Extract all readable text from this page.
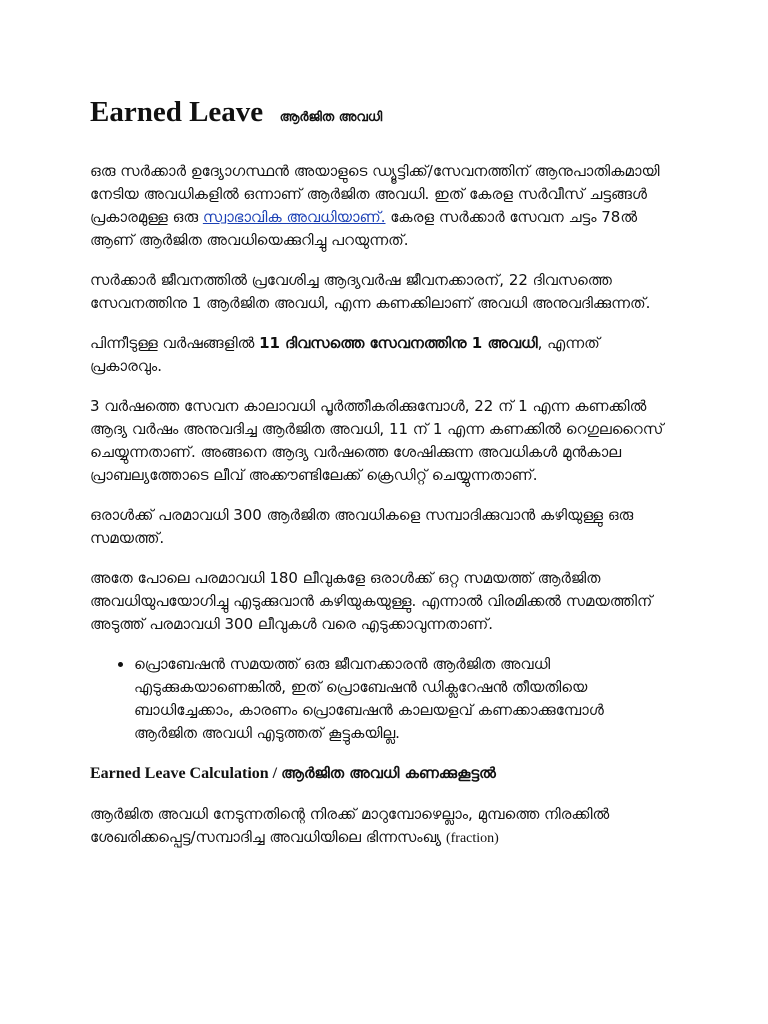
Earned Leave ആർജിത അവധി

ഒരു സർക്കാർ ഉദ്യോഗസ്ഥൻ അയാളുടെ ഡ്യൂട്ടിക്ക്/സേവനത്തിന് ആനുപാതികമായി നേടിയ അവധികളിൽ ഒന്നാണ് ആർജിത അവധി. ഇത് കേരള സർവീസ് ചട്ടങ്ങൾ പ്രകാരമുള്ള ഒരു സ്വാഭാവിക അവധിയാണ്. കേരള സർക്കാർ സേവന ചട്ടം 78ൽ ആണ് ആർജിത അവധിയെക്കുറിച്ചു പറയുന്നത്.

സർക്കാർ ജീവനത്തിൽ പ്രവേശിച്ച ആദ്യവർഷ ജീവനക്കാരന്, 22 ദിവസത്തെ സേവനത്തിനു 1 ആർജിത അവധി, എന്ന കണക്കിലാണ് അവധി അനുവദിക്കുന്നത്.

പിന്നീടുള്ള വർഷങ്ങളിൽ 11 ദിവസത്തെ സേവനത്തിനു 1 അവധി, എന്നത് പ്രകാരവും.

3 വർഷത്തെ സേവന കാലാവധി പൂർത്തീകരിക്കുമ്പോൾ, 22 ന് 1 എന്ന കണക്കിൽ ആദ്യ വർഷം അനുവദിച്ച ആർജിത അവധി, 11 ന് 1 എന്ന കണക്കിൽ റെഗുലറൈസ് ചെയ്യുന്നതാണ്. അങ്ങനെ ആദ്യ വർഷത്തെ ശേഷിക്കുന്ന അവധികൾ മുൻകാല പ്രാബല്യത്തോടെ ലീവ് അക്കൗണ്ടിലേക്ക് ക്രെഡിറ്റ് ചെയ്യുന്നതാണ്.

ഒരാൾക്ക് പരമാവധി 300 ആർജിത അവധികളെ സമ്പാദിക്കുവാൻ കഴിയുള്ളു ഒരു സമയത്ത്.

അതേ പോലെ പരമാവധി 180 ലീവുകളേ ഒരാൾക്ക് ഒറ്റ സമയത്ത് ആർജിത അവധിയുപയോഗിച്ചു എടുക്കുവാൻ കഴിയുകയുള്ളു. എന്നാൽ വിരമിക്കൽ സമയത്തിന് അടുത്ത് പരമാവധി 300 ലീവുകൾ വരെ എടുക്കാവുന്നതാണ്.

• പ്രൊബേഷൻ സമയത്ത് ഒരു ജീവനക്കാരൻ ആർജിത അവധി എടുക്കുകയാണെങ്കിൽ, ഇത് പ്രൊബേഷൻ ഡിക്ലറേഷൻ തീയതിയെ ബാധിച്ചേക്കാം, കാരണം പ്രൊബേഷൻ കാലയളവ് കണക്കാക്കുമ്പോൾ ആർജിത അവധി എടുത്തത് കൂട്ടുകയില്ല.

Earned Leave Calculation / ആർജിത അവധി കണക്കുകൂട്ടൽ

ആർജിത അവധി നേടുന്നതിന്റെ നിരക്ക് മാറുമ്പോഴെല്ലാം, മുമ്പത്തെ നിരക്കിൽ ശേഖരിക്കപ്പെട്ട/സമ്പാദിച്ച അവധിയിലെ ഭിന്നസംഖ്യ (fraction)
